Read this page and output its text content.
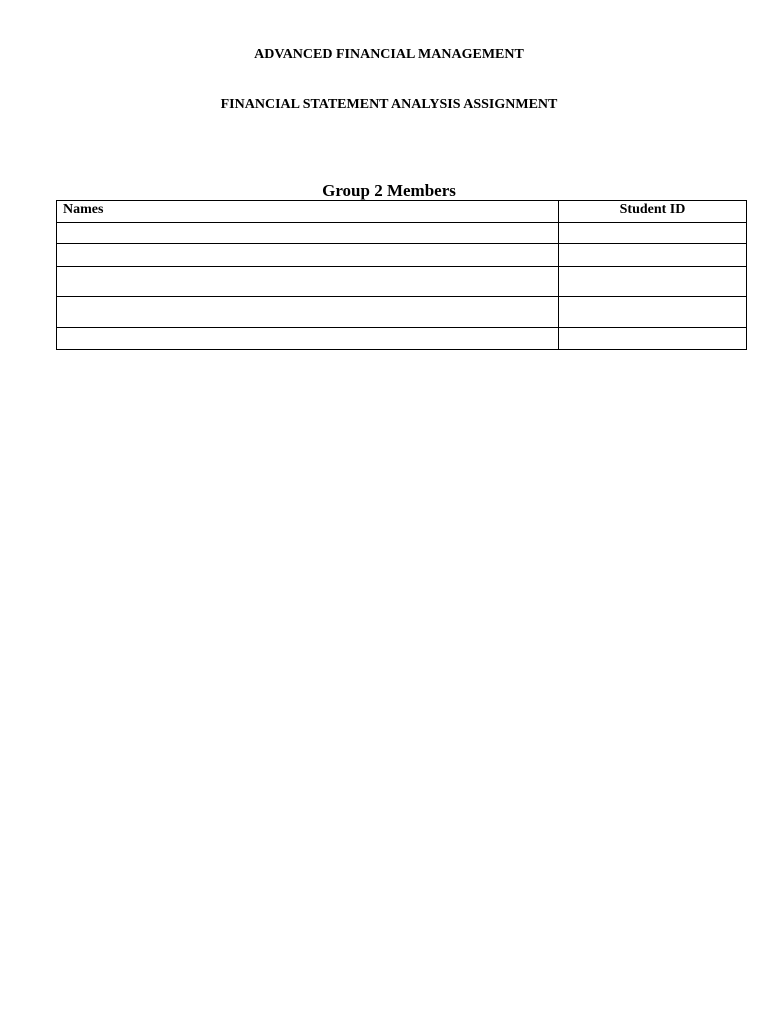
ADVANCED FINANCIAL MANAGEMENT
FINANCIAL STATEMENT ANALYSIS ASSIGNMENT
Group 2 Members
Names	Student ID
